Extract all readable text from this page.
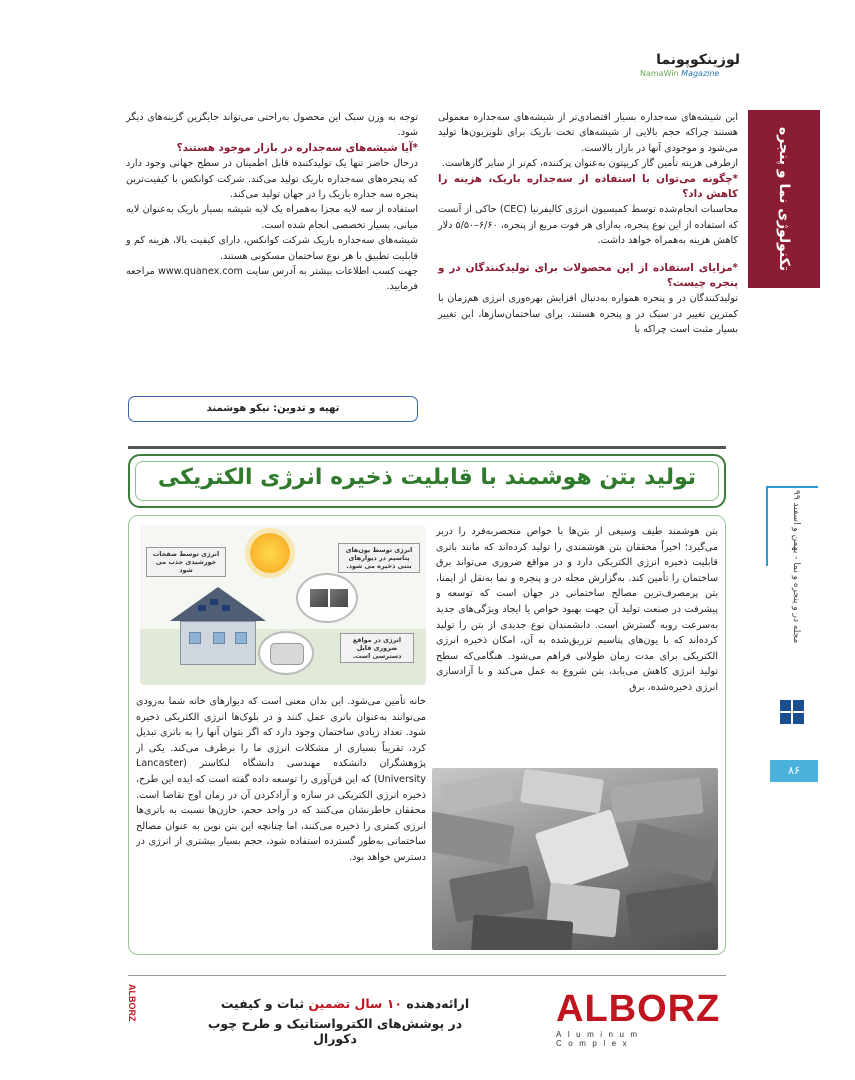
لوزینکوپونما
NamaWin Magazine
تکنولوژی نما و پنجره

این شیشه‌های سه‌جداره بسیار اقتصادی‌تر از شیشه‌های سه‌جداره معمولی هستند چراکه حجم بالایی از شیشه‌های تخت باریک برای تلویزیون‌ها تولید می‌شود و موجودی آنها در بازار بالاست.

ازطرفی هزینه تأمین گاز کریپتون به‌عنوان پرکننده، کم‌تر از سایر گازهاست.

*چگونه می‌توان با استفاده از سه‌جداره باریک، هزینه را کاهش داد؟

محاسبات انجام‌شده توسط کمیسیون انرژی کالیفرنیا (CEC) حاکی از آنست که استفاده از این نوع پنجره، به‌ازای هر فوت مربع از پنجره، ۶/۶۰–۵/۵۰ دلار کاهش هزینه به‌همراه خواهد داشت.

*مزایای استفاده از این محصولات برای تولیدکنندگان در و پنجره چیست؟

تولیدکنندگان در و پنجره همواره به‌دنبال افزایش بهره‌وری انرژی هم‌زمان با کمترین تغییر در سبک در و پنجره هستند. برای ساختمان‌سازها، این تغییر بسیار مثبت است چراکه با

توجه به وزن سبک این محصول به‌راحتی می‌تواند جایگزین گزینه‌های دیگر شود.

*آیا شیشه‌های سه‌جداره در بازار موجود هستند؟

درحال حاضر تنها یک تولیدکننده قابل اطمینان در سطح جهانی وجود دارد که پنجره‌های سه‌جداره باریک تولید می‌کند. شرکت کوانکس با کیفیت‌ترین پنجره سه جداره باریک را در جهان تولید می‌کند.

استفاده از سه لایه مجزا به‌همراه یک لایه شیشه بسیار باریک به‌عنوان لایه میانی، بسیار تخصصی انجام شده است.

شیشه‌های سه‌جداره باریک شرکت کوانکس، دارای کیفیت بالا، هزینه کم و قابلیت تطبیق با هر نوع ساختمان مسکونی هستند.

جهت کسب اطلاعات بیشتر به آدرس سایت www.quanex.com مراجعه فرمایید.

تهیه و تدوین: نیکو هوشمند
تولید بتن هوشمند با قابلیت ذخیره انرژی الکتریکی
بتن هوشمند طیف وسیعی از بتن‌ها با خواص منحصربه‌فرد را دربر می‌گیرد؛ اخیراً محققان بتن هوشمندی را تولید کرده‌اند که مانند باتری قابلیت ذخیره انرژی الکتریکی دارد و در مواقع ضروری می‌تواند برق ساختمان را تأمین کند. به‌گزارش مجله در و پنجره و نما به‌نقل از ایمنا، بتن پرمصرف‌ترین مصالح ساختمانی در جهان است که توسعه و پیشرفت در صنعت تولید آن جهت بهبود خواص یا ایجاد ویژگی‌های جدید به‌سرعت روبه گسترش است. دانشمندان نوع جدیدی از بتن را تولید کرده‌اند که با یون‌های پتاسیم تزریق‌شده به آن، امکان ذخیره انرژی الکتریکی برای مدت زمان طولانی فراهم می‌شود. هنگامی‌که سطح تولید انرژی کاهش می‌یابد، بتن شروع به عمل می‌کند و با آزادسازی انرژی ذخیره‌شده، برق
انرژی توسط صفحات خورشیدی جذب می شود
انرژی توسط یون‌های پتاسیم در دیوارهای بتنی ذخیره می شود.
انرژی در مواقع ضروری قابل دسترسی است.
خانه تأمین می‌شود. این بدان معنی است که دیوارهای خانه شما به‌زودی می‌توانند به‌عنوان باتری عمل کنند و در بلوک‌ها انرژی الکتریکی ذخیره شود. تعداد زیادی ساختمان وجود دارد که اگر بتوان آنها را به باتری تبدیل کرد، تقریباً بسیاری از مشکلات انرژی ما را برطرف می‌کند. یکی از پژوهشگران دانشکده مهندسی دانشگاه لنکاستر (Lancaster University) که این فن‌آوری را توسعه داده گفته است که ایده این طرح، ذخیره انرژی الکتریکی در سازه و آزادکردن آن در زمان اوج تقاضا است. محققان خاطرنشان می‌کنند که در واحد حجم، خازن‌ها نسبت به باتری‌ها انرژی کمتری را ذخیره می‌کنند، اما چنانچه این بتن نوین به عنوان مصالح ساختمانی به‌طور گسترده استفاده شود، حجم بسیار بیشتری از انرژی در دسترس خواهد بود.
مجله در و پنجره و نما - بهمن و اسفند ۹۹
۸۶
ALBORZ	ارائه‌دهنده ۱۰ سال تضمین ثبات و کیفیت
در پوشش‌های الکترواستاتیک و طرح چوب دکورال
ALBORZ
Aluminum Complex
